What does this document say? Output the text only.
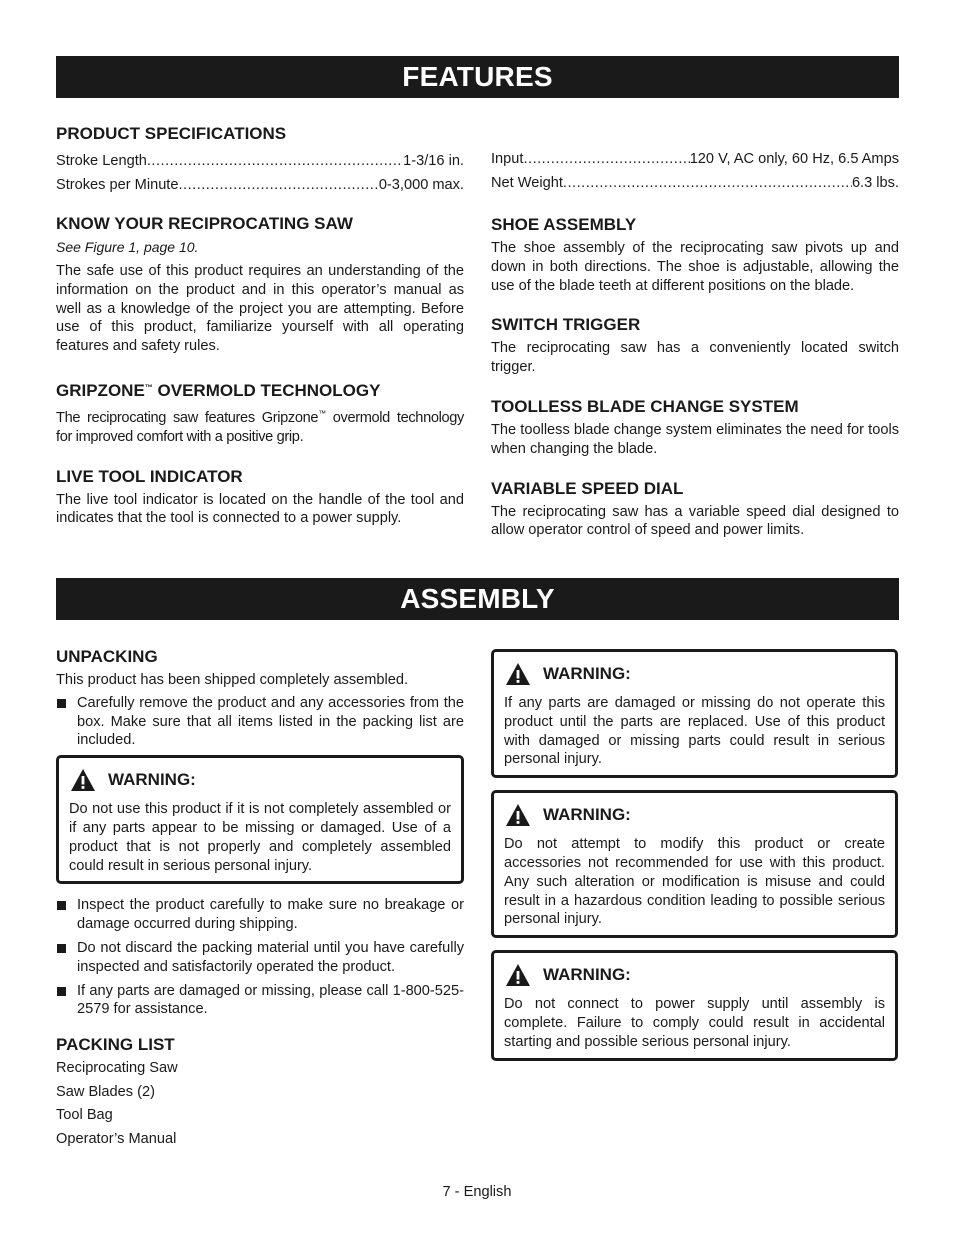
FEATURES
PRODUCT SPECIFICATIONS
Stroke Length .....	1-3/16 in.
Strokes per Minute .....	0-3,000 max.
KNOW YOUR RECIPROCATING SAW
See Figure 1, page 10.

The safe use of this product requires an understanding of the information on the product and in this operator’s manual as well as a knowledge of the project you are attempting. Before use of this product, familiarize yourself with all operating features and safety rules.

GRIPZONE™ OVERMOLD TECHNOLOGY

The reciprocating saw features Gripzone™ overmold technology for improved comfort with a positive grip.

LIVE TOOL INDICATOR

The live tool indicator is located on the handle of the tool and indicates that the tool is connected to a power supply.

Input .....	120 V, AC only, 60 Hz, 6.5 Amps
Net Weight .....	6.3 lbs.
SHOE ASSEMBLY

The shoe assembly of the reciprocating saw pivots up and down in both directions. The shoe is adjustable, allowing the use of the blade teeth at different positions on the blade.

SWITCH TRIGGER

The reciprocating saw has a conveniently located switch trigger.

TOOLLESS BLADE CHANGE SYSTEM

The toolless blade change system eliminates the need for tools when changing the blade.

VARIABLE SPEED DIAL

The reciprocating saw has a variable speed dial designed to allow operator control of speed and power limits.

ASSEMBLY
UNPACKING

This product has been shipped completely assembled.

Carefully remove the product and any accessories from the box. Make sure that all items listed in the packing list are included.
WARNING:

Do not use this product if it is not completely assembled or if any parts appear to be missing or damaged. Use of a product that is not properly and completely assembled could result in serious personal injury.

Inspect the product carefully to make sure no breakage or damage occurred during shipping.
Do not discard the packing material until you have carefully inspected and satisfactorily operated the product.
If any parts are damaged or missing, please call 1-800-525-2579 for assistance.
PACKING LIST
Reciprocating Saw
Saw Blades (2)
Tool Bag
Operator’s Manual
WARNING:

If any parts are damaged or missing do not operate this product until the parts are replaced. Use of this product with damaged or missing parts could result in serious personal injury.

WARNING:

Do not attempt to modify this product or create accessories not recommended for use with this product. Any such alteration or modification is misuse and could result in a hazardous condition leading to possible serious personal injury.

WARNING:

Do not connect to power supply until assembly is complete. Failure to comply could result in accidental starting and possible serious personal injury.

7 - English
